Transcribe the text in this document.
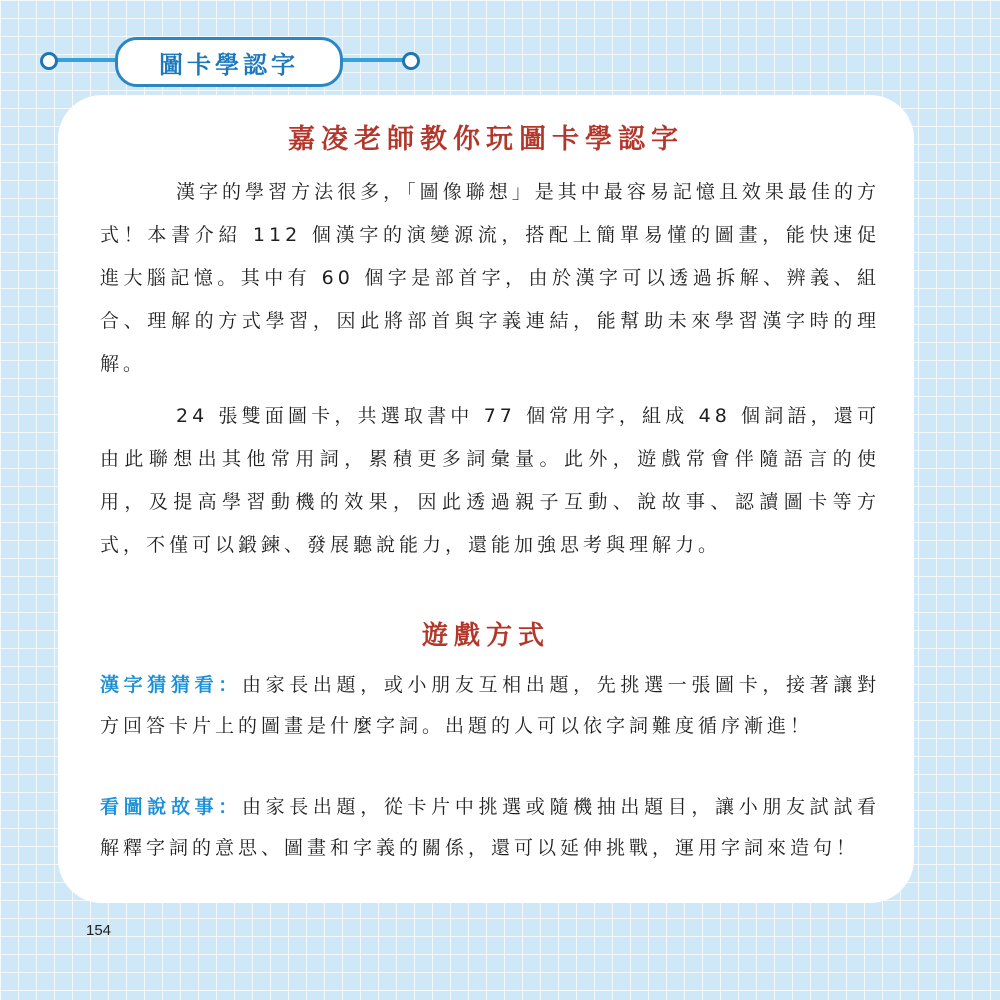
圖卡學認字
嘉凌老師教你玩圖卡學認字

漢字的學習方法很多，「圖像聯想」是其中最容易記憶且效果最佳的方式！本書介紹 112 個漢字的演變源流，搭配上簡單易懂的圖畫，能快速促進大腦記憶。其中有 60 個字是部首字，由於漢字可以透過拆解、辨義、組合、理解的方式學習，因此將部首與字義連結，能幫助未來學習漢字時的理解。

24 張雙面圖卡，共選取書中 77 個常用字，組成 48 個詞語，還可由此聯想出其他常用詞，累積更多詞彙量。此外，遊戲常會伴隨語言的使用，及提高學習動機的效果，因此透過親子互動、說故事、認讀圖卡等方式，不僅可以鍛鍊、發展聽說能力，還能加強思考與理解力。

遊戲方式

漢字猜猜看：由家長出題，或小朋友互相出題，先挑選一張圖卡，接著讓對方回答卡片上的圖畫是什麼字詞。出題的人可以依字詞難度循序漸進！

看圖說故事：由家長出題，從卡片中挑選或隨機抽出題目，讓小朋友試試看解釋字詞的意思、圖畫和字義的關係，還可以延伸挑戰，運用字詞來造句！

154
